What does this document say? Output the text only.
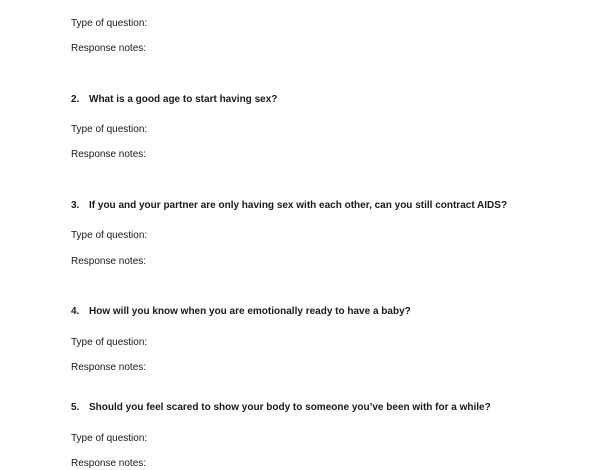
Type of question:
Response notes:
2. What is a good age to start having sex?
Type of question:
Response notes:
3. If you and your partner are only having sex with each other, can you still contract AIDS?
Type of question:
Response notes:
4. How will you know when you are emotionally ready to have a baby?
Type of question:
Response notes:
5. Should you feel scared to show your body to someone you’ve been with for a while?
Type of question:
Response notes:
